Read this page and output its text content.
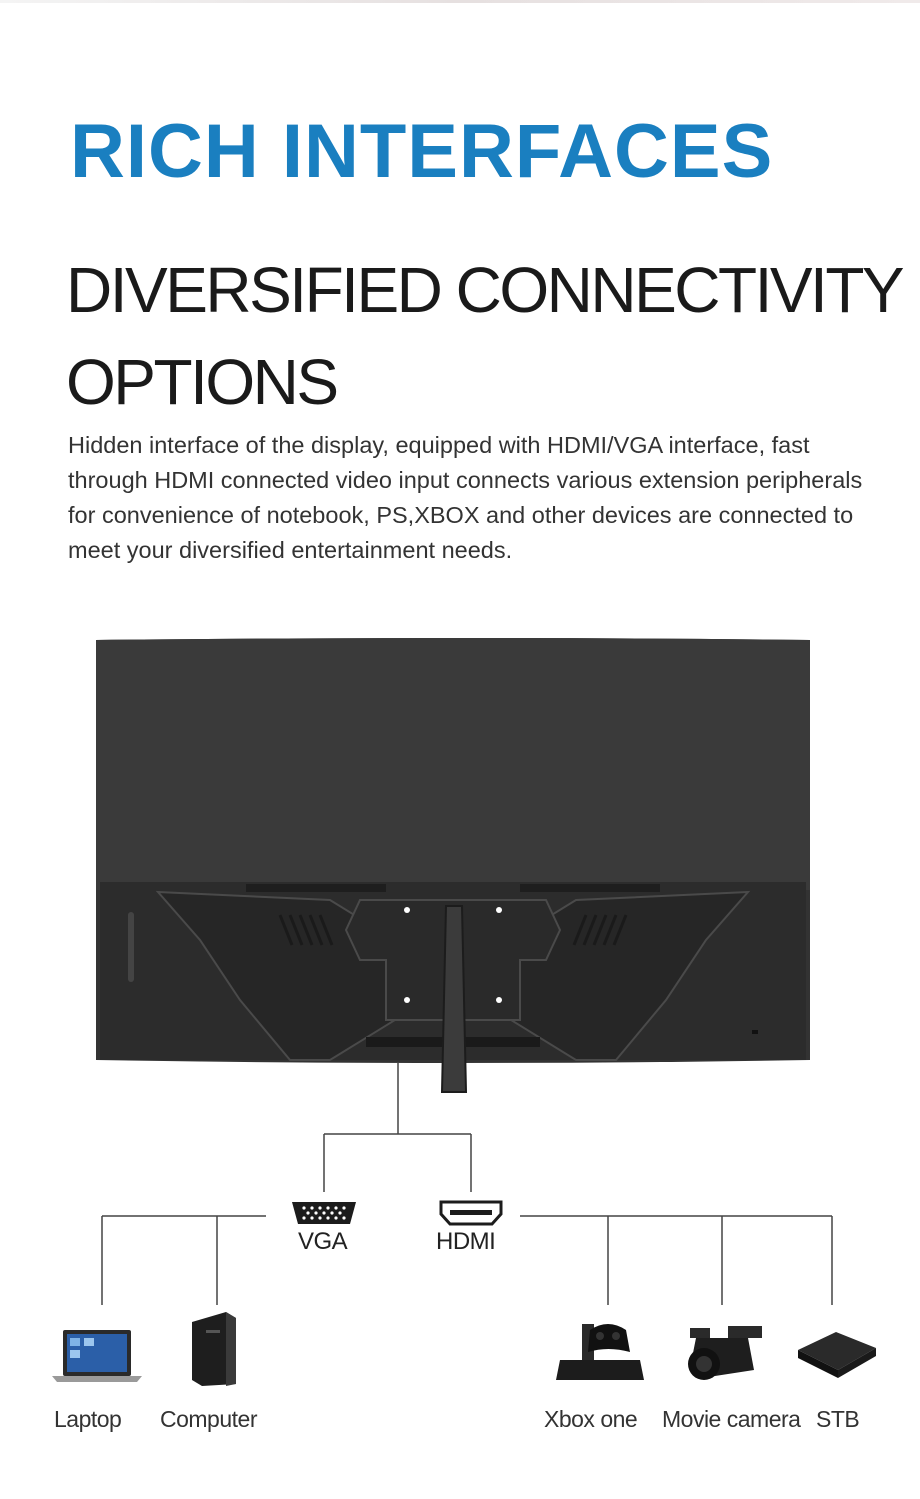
RICH INTERFACES
DIVERSIFIED CONNECTIVITY OPTIONS

Hidden interface of the display, equipped with HDMI/VGA interface, fast through HDMI connected video input connects various extension peripherals for convenience of notebook, PS,XBOX and other devices are connected to meet your diversified entertainment needs.

VGA	HDMI
Laptop Computer	Xbox one Movie camera STB
